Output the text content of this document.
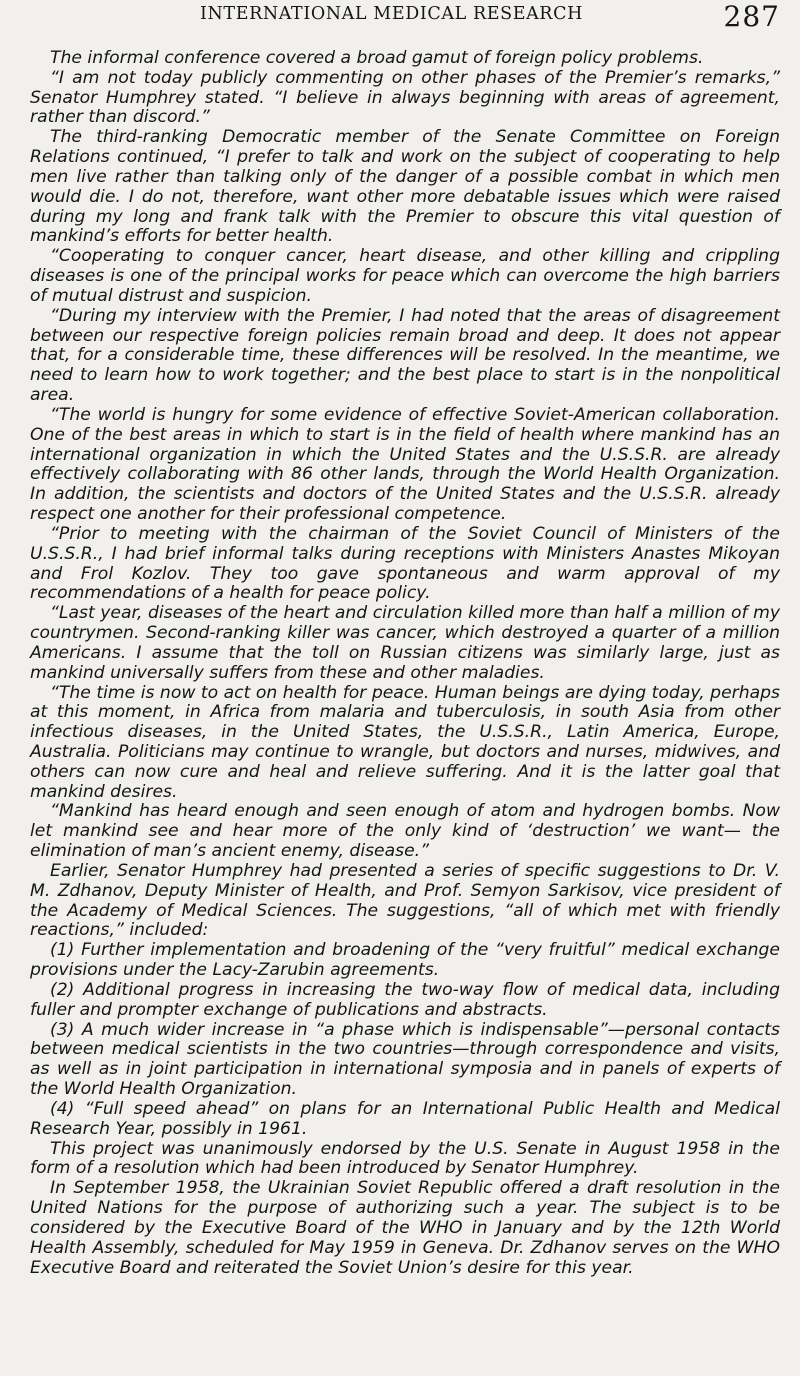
INTERNATIONAL MEDICAL RESEARCH	287

The informal conference covered a broad gamut of foreign policy problems.

“I am not today publicly commenting on other phases of the Premier’s remarks,” Senator Humphrey stated. “I believe in always beginning with areas of agreement, rather than discord.”

The third-ranking Democratic member of the Senate Committee on Foreign Relations continued, “I prefer to talk and work on the subject of cooperating to help men live rather than talking only of the danger of a possible combat in which men would die. I do not, therefore, want other more debatable issues which were raised during my long and frank talk with the Premier to obscure this vital question of mankind’s efforts for better health.

“Cooperating to conquer cancer, heart disease, and other killing and crippling diseases is one of the principal works for peace which can overcome the high barriers of mutual distrust and suspicion.

“During my interview with the Premier, I had noted that the areas of disagreement between our respective foreign policies remain broad and deep. It does not appear that, for a considerable time, these differences will be resolved. In the meantime, we need to learn how to work together; and the best place to start is in the nonpolitical area.

“The world is hungry for some evidence of effective Soviet-American collaboration. One of the best areas in which to start is in the field of health where mankind has an international organization in which the United States and the U.S.S.R. are already effectively collaborating with 86 other lands, through the World Health Organization. In addition, the scientists and doctors of the United States and the U.S.S.R. already respect one another for their professional competence.

“Prior to meeting with the chairman of the Soviet Council of Ministers of the U.S.S.R., I had brief informal talks during receptions with Ministers Anastes Mikoyan and Frol Kozlov. They too gave spontaneous and warm approval of my recommendations of a health for peace policy.

“Last year, diseases of the heart and circulation killed more than half a million of my countrymen. Second-ranking killer was cancer, which destroyed a quarter of a million Americans. I assume that the toll on Russian citizens was similarly large, just as mankind universally suffers from these and other maladies.

“The time is now to act on health for peace. Human beings are dying today, perhaps at this moment, in Africa from malaria and tuberculosis, in south Asia from other infectious diseases, in the United States, the U.S.S.R., Latin America, Europe, Australia. Politicians may continue to wrangle, but doctors and nurses, midwives, and others can now cure and heal and relieve suffering. And it is the latter goal that mankind desires.

“Mankind has heard enough and seen enough of atom and hydrogen bombs. Now let mankind see and hear more of the only kind of ‘destruction’ we want— the elimination of man’s ancient enemy, disease.”

Earlier, Senator Humphrey had presented a series of specific suggestions to Dr. V. M. Zdhanov, Deputy Minister of Health, and Prof. Semyon Sarkisov, vice president of the Academy of Medical Sciences. The suggestions, “all of which met with friendly reactions,” included:

(1) Further implementation and broadening of the “very fruitful” medical exchange provisions under the Lacy-Zarubin agreements.

(2) Additional progress in increasing the two-way flow of medical data, including fuller and prompter exchange of publications and abstracts.

(3) A much wider increase in “a phase which is indispensable”—personal contacts between medical scientists in the two countries—through correspondence and visits, as well as in joint participation in international symposia and in panels of experts of the World Health Organization.

(4) “Full speed ahead” on plans for an International Public Health and Medical Research Year, possibly in 1961.

This project was unanimously endorsed by the U.S. Senate in August 1958 in the form of a resolution which had been introduced by Senator Humphrey.

In September 1958, the Ukrainian Soviet Republic offered a draft resolution in the United Nations for the purpose of authorizing such a year. The subject is to be considered by the Executive Board of the WHO in January and by the 12th World Health Assembly, scheduled for May 1959 in Geneva. Dr. Zdhanov serves on the WHO Executive Board and reiterated the Soviet Union’s desire for this year.
